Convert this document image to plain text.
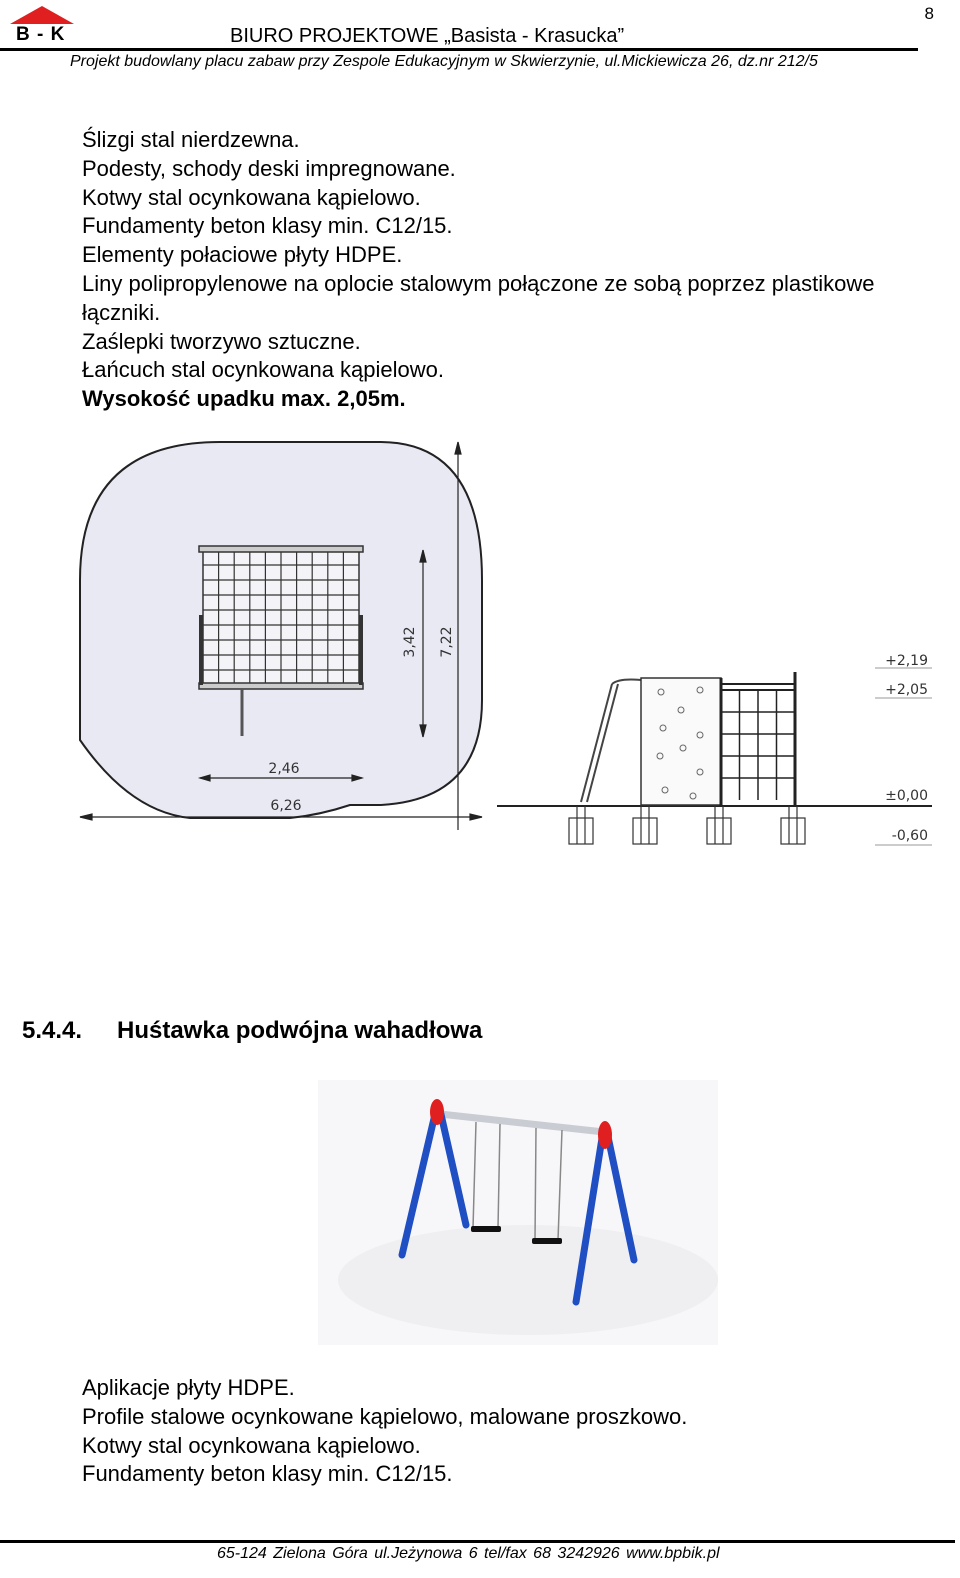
8
B - K	BIURO PROJEKTOWE „Basista - Krasucka”
Projekt budowlany placu zabaw przy Zespole Edukacyjnym w Skwierzynie, ul.Mickiewicza 26, dz.nr 212/5
Ślizgi stal nierdzewna.
Podesty, schody deski impregnowane.
Kotwy stal ocynkowana kąpielowo.
Fundamenty beton klasy min. C12/15.
Elementy połaciowe płyty HDPE.
Liny polipropylenowe na oplocie stalowym połączone ze sobą poprzez plastikowe łączniki.
Zaślepki tworzywo sztuczne.
Łańcuch stal ocynkowana kąpielowo.
Wysokość upadku max. 2,05m.
2,46
6,26
3,42 7,22
+2,19
+2,05
±0,00
-0,60
5.4.4. Huśtawka podwójna wahadłowa
Aplikacje płyty HDPE.
Profile stalowe ocynkowane kąpielowo, malowane proszkowo.
Kotwy stal ocynkowana kąpielowo.
Fundamenty beton klasy min. C12/15.
65-124 Zielona Góra ul.Jeżynowa 6 tel/fax 68 3242926 www.bpbik.pl
